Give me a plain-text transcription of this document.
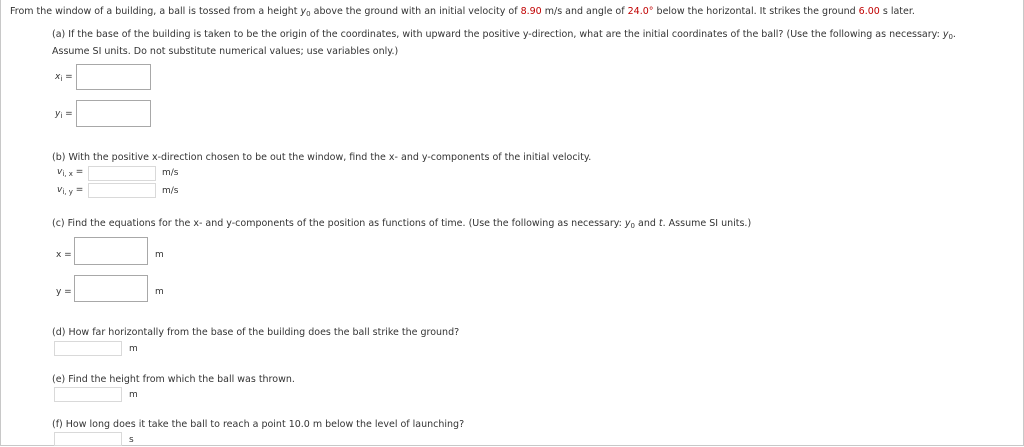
From the window of a building, a ball is tossed from a height $y_0$ above the ground with an initial velocity of 8.90 m/s and angle of 24.0° below the horizontal. It strikes the ground 6.00 s later.
(a) If the base of the building is taken to be the origin of the coordinates, with upward the positive y-direction, what are the initial coordinates of the ball? (Use the following as necessary: $y_0$.
Assume SI units. Do not substitute numerical values; use variables only.)
$x_i$ =
$y_i$ =
(b) With the positive x-direction chosen to be out the window, find the x- and y-components of the initial velocity.
$v_{i, x}$ =	m/s
$v_{i, y}$ =	m/s
(c) Find the equations for the x- and y-components of the position as functions of time. (Use the following as necessary: $y_0$ and t. Assume SI units.)
x =	m
y =	m
(d) How far horizontally from the base of the building does the ball strike the ground?
m
(e) Find the height from which the ball was thrown.
m
(f) How long does it take the ball to reach a point 10.0 m below the level of launching?
s
